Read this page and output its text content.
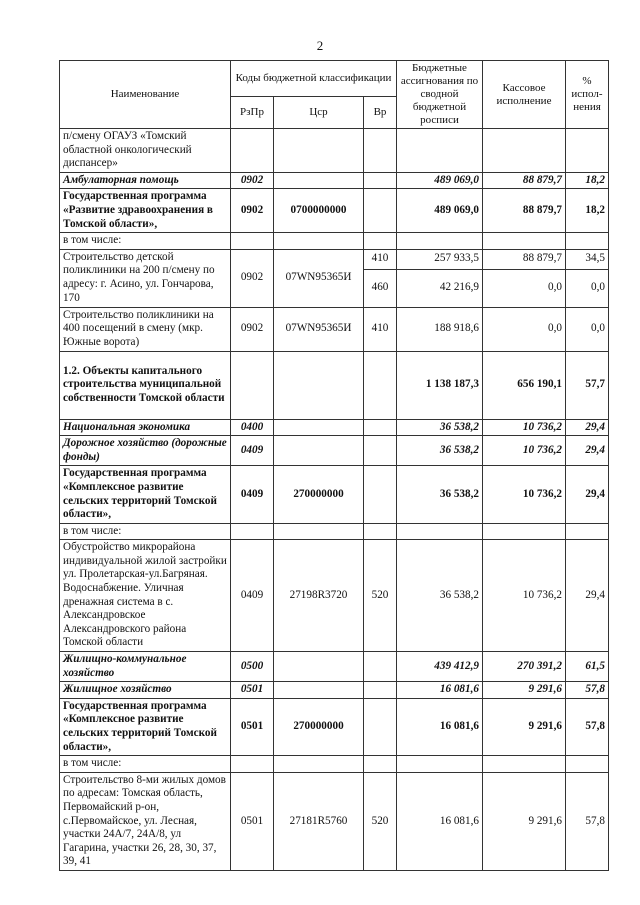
2
Наименование	Коды бюджетной классификации			Бюджетные ассигнования по сводной бюджетной росписи	Кассовое исполнение	% испол-нения
	РзПр	Цср	Вр			
п/смену ОГАУЗ «Томский областной онкологический диспансер»						
Амбулаторная помощь	0902			489 069,0	88 879,7	18,2
Государственная программа «Развитие здравоохранения в Томской области»,	0902	0700000000		489 069,0	88 879,7	18,2
в том числе:						
Строительство детской поликлиники на 200 п/смену по адресу: г. Асино, ул. Гончарова, 170	0902	07WN95365И	410	257 933,5	88 879,7	34,5
			460	42 216,9	0,0	0,0
Строительство поликлиники на 400 посещений в смену (мкр. Южные ворота)	0902	07WN95365И	410	188 918,6	0,0	0,0
1.2. Объекты капитального строительства муниципальной собственности Томской области				1 138 187,3	656 190,1	57,7
Национальная экономика	0400			36 538,2	10 736,2	29,4
Дорожное хозяйство (дорожные фонды)	0409			36 538,2	10 736,2	29,4
Государственная программа «Комплексное развитие сельских территорий Томской области»,	0409	270000000		36 538,2	10 736,2	29,4
в том числе:						
Обустройство микрорайона индивидуальной жилой застройки ул. Пролетарская-ул.Багряная. Водоснабжение. Уличная дренажная система в с. Александровское Александровского района Томской области	0409	27198R3720	520	36 538,2	10 736,2	29,4
Жилищно-коммунальное хозяйство	0500			439 412,9	270 391,2	61,5
Жилищное хозяйство	0501			16 081,6	9 291,6	57,8
Государственная программа «Комплексное развитие сельских территорий Томской области»,	0501	270000000		16 081,6	9 291,6	57,8
в том числе:						
Строительство 8-ми жилых домов по адресам: Томская область, Первомайский р-он, с.Первомайское, ул. Лесная, участки 24А/7, 24А/8, ул Гагарина, участки 26, 28, 30, 37, 39, 41	0501	27181R5760	520	16 081,6	9 291,6	57,8
